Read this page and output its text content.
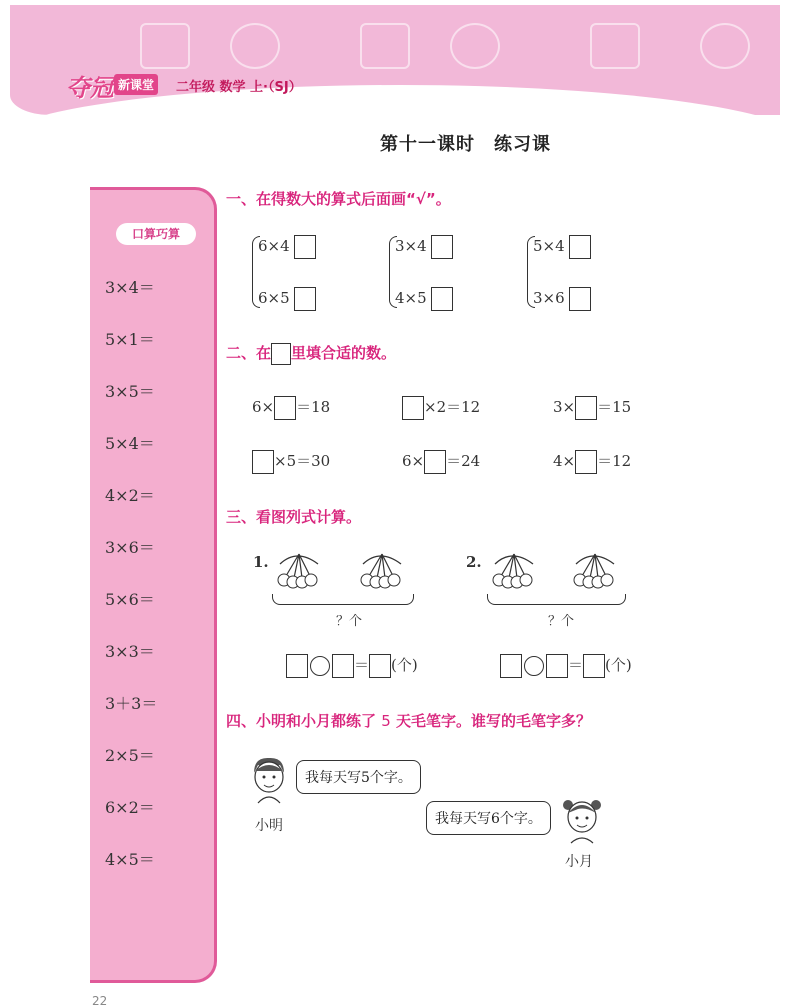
夺冠 新课堂	二年级 数学 上·（SJ）
第十一课时　练习课
口算巧算
3×4＝
5×1＝
3×5＝
5×4＝
4×2＝
3×6＝
5×6＝
3×3＝
3＋3＝
2×5＝
6×2＝
4×5＝
一、在得数大的算式后面画“√”。
6×4
6×5
3×4
4×5
5×4
3×6
二、在 里填合适的数。
6× ＝18	×2＝12	3× ＝15
×5＝30	6× ＝24	4× ＝12
三、看图列式计算。
1.
？个
2.
？个
＝ (个)	＝ (个)
四、小明和小月都练了 5 天毛笔字。谁写的毛笔字多？
我每天写5个字。
小明	我每天写6个字。
小月
22
